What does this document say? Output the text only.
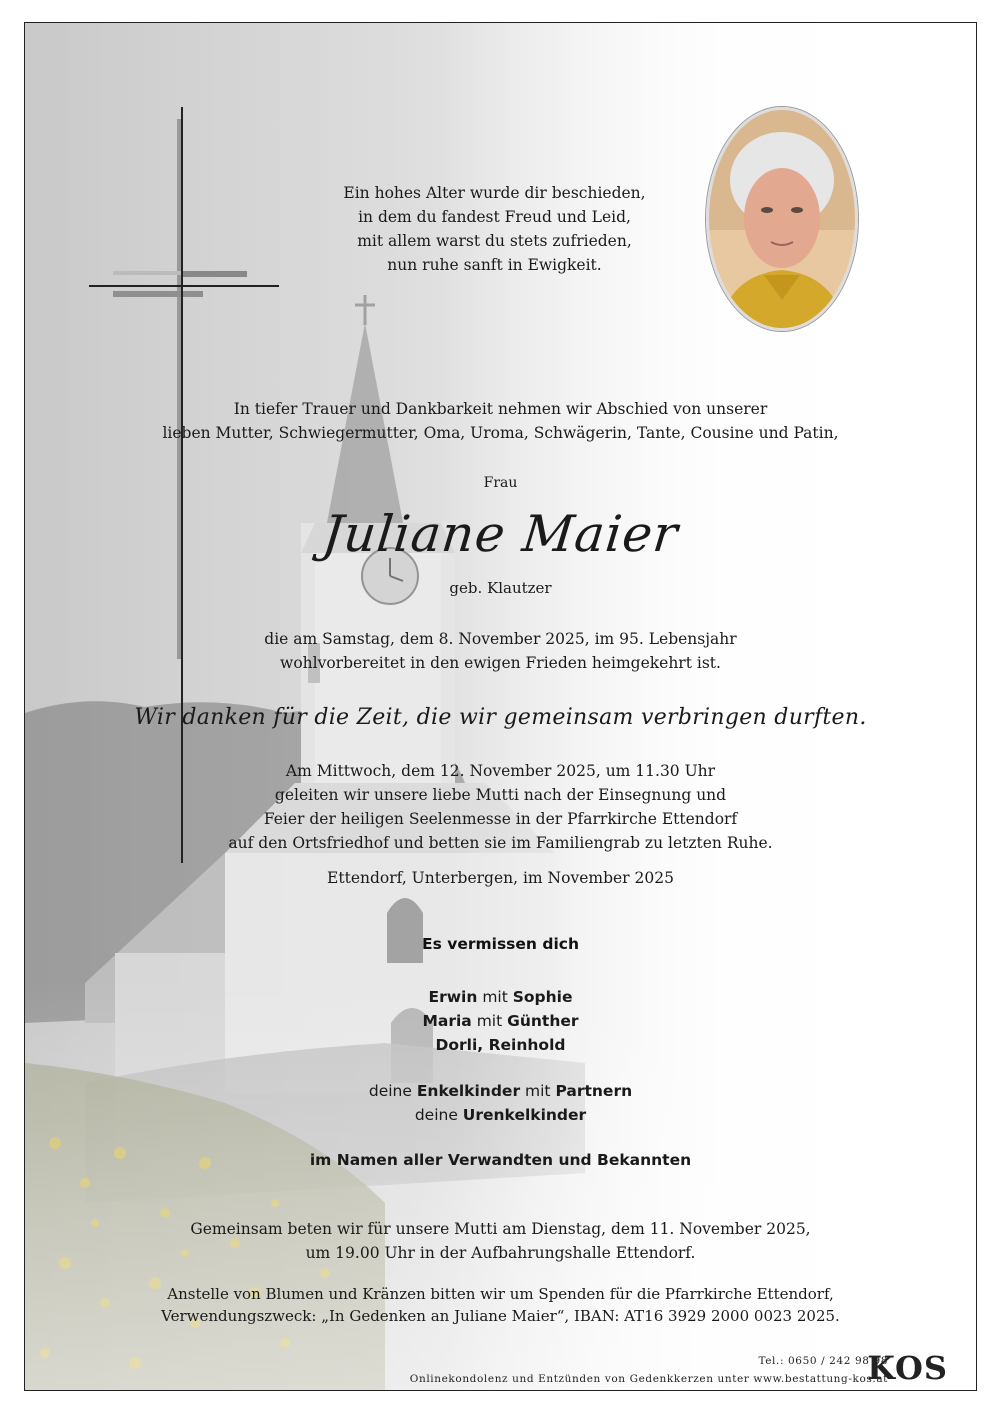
Ein hohes Alter wurde dir beschieden,
in dem du fandest Freud und Leid,
mit allem warst du stets zufrieden,
nun ruhe sanft in Ewigkeit.
In tiefer Trauer und Dankbarkeit nehmen wir Abschied von unserer
lieben Mutter, Schwiegermutter, Oma, Uroma, Schwägerin, Tante, Cousine und Patin,
Frau
Juliane Maier
geb. Klautzer
die am Samstag, dem 8. November 2025, im 95. Lebensjahr
wohlvorbereitet in den ewigen Frieden heimgekehrt ist.
Wir danken für die Zeit, die wir gemeinsam verbringen durften.
Am Mittwoch, dem 12. November 2025, um 11.30 Uhr
geleiten wir unsere liebe Mutti nach der Einsegnung und
Feier der heiligen Seelenmesse in der Pfarrkirche Ettendorf
auf den Ortsfriedhof und betten sie im Familiengrab zu letzten Ruhe.
Ettendorf, Unterbergen, im November 2025
Es vermissen dich
Erwin mit Sophie
Maria mit Günther
Dorli, Reinhold
deine Enkelkinder mit Partnern
deine Urenkelkinder
im Namen aller Verwandten und Bekannten
Gemeinsam beten wir für unsere Mutti am Dienstag, dem 11. November 2025,
um 19.00 Uhr in der Aufbahrungshalle Ettendorf.
Anstelle von Blumen und Kränzen bitten wir um Spenden für die Pfarrkirche Ettendorf,
Verwendungszweck: „In Gedenken an Juliane Maier“, IBAN: AT16 3929 2000 0023 2025.
Tel.: 0650 / 242 98 98
Onlinekondolenz und Entzünden von Gedenkkerzen unter www.bestattung-kos.at
KOS
